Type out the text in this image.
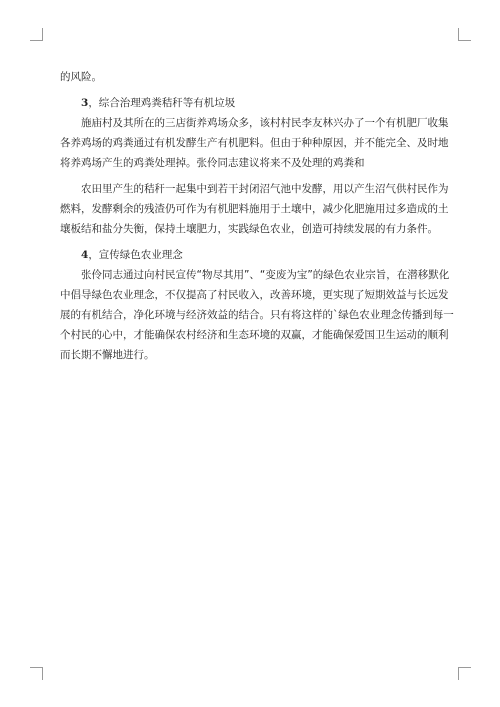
的风险。
3，综合治理鸡粪秸秆等有机垃圾
施庙村及其所在的三店街养鸡场众多，该村村民李友林兴办了一个有机肥厂收集
各养鸡场的鸡粪通过有机发酵生产有机肥料。但由于种种原因，并不能完全、及时地
将养鸡场产生的鸡粪处理掉。张伶同志建议将来不及处理的鸡粪和
农田里产生的秸秆一起集中到若干封闭沼气池中发酵，用以产生沼气供村民作为
燃料，发酵剩余的残渣仍可作为有机肥料施用于土壤中，减少化肥施用过多造成的土
壤板结和盐分失衡，保持土壤肥力，实践绿色农业，创造可持续发展的有力条件。
4，宣传绿色农业理念
张伶同志通过向村民宣传“物尽其用”、“变废为宝”的绿色农业宗旨，在潜移默化
中倡导绿色农业理念，不仅提高了村民收入，改善环境，更实现了短期效益与长远发
展的有机结合，净化环境与经济效益的结合。只有将这样的`绿色农业理念传播到每一
个村民的心中，才能确保农村经济和生态环境的双赢，才能确保爱国卫生运动的顺利
而长期不懈地进行。
